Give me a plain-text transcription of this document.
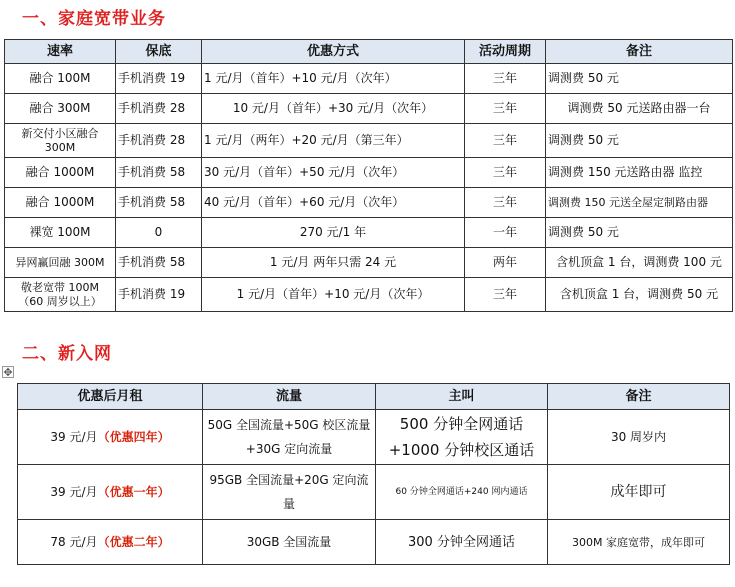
一、家庭宽带业务
速率	保底	优惠方式	活动周期	备注
融合 100M	手机消费 19	1 元/月（首年）+10 元/月（次年）	三年	调测费 50 元
融合 300M	手机消费 28	10 元/月（首年）+30 元/月（次年）	三年	调测费 50 元送路由器一台
新交付小区融合 300M	手机消费 28	1 元/月（两年）+20 元/月（第三年）	三年	调测费 50 元
融合 1000M	手机消费 58	30 元/月（首年）+50 元/月（次年）	三年	调测费 150 元送路由器 监控
融合 1000M	手机消费 58	40 元/月（首年）+60 元/月（次年）	三年	调测费 150 元送全屋定制路由器
裸宽 100M	0	270 元/1 年	一年	调测费 50 元
异网赢回融 300M	手机消费 58	1 元/月 两年只需 24 元	两年	含机顶盒 1 台，调测费 100 元
敬老宽带 100M （60 周岁以上）	手机消费 19	1 元/月（首年）+10 元/月（次年）	三年	含机顶盒 1 台，调测费 50 元
二、新入网
✥
优惠后月租	流量	主叫	备注
39 元/月（优惠四年）	50G 全国流量+50G 校区流量+30G 定向流量	500 分钟全网通话 +1000 分钟校区通话	30 周岁内
39 元/月（优惠一年）	95GB 全国流量+20G 定向流量	60 分钟全网通话+240 网内通话	成年即可
78 元/月（优惠二年）	30GB 全国流量	300 分钟全网通话	300M 家庭宽带，成年即可
